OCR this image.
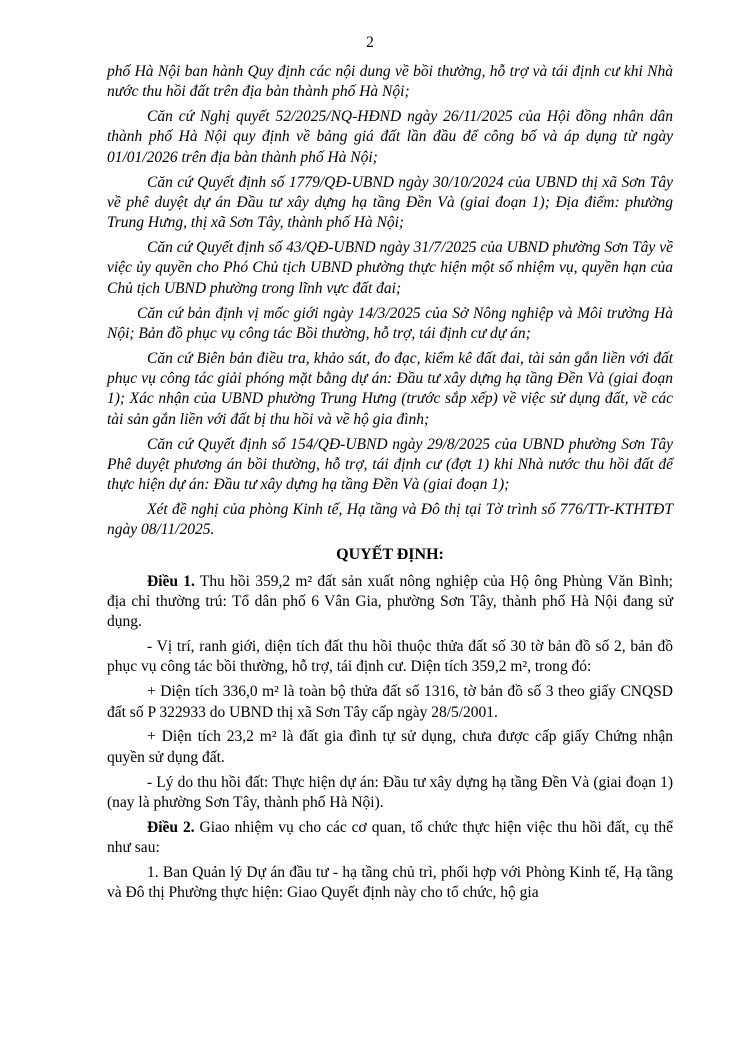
2

phố Hà Nội ban hành Quy định các nội dung về bồi thường, hỗ trợ và tái định cư khi Nhà nước thu hồi đất trên địa bàn thành phố Hà Nội;

Căn cứ Nghị quyết 52/2025/NQ-HĐND ngày 26/11/2025 của Hội đồng nhân dân thành phố Hà Nội quy định về bảng giá đất lần đầu để công bố và áp dụng từ ngày 01/01/2026 trên địa bàn thành phố Hà Nội;

Căn cứ Quyết định số 1779/QĐ-UBND ngày 30/10/2024 của UBND thị xã Sơn Tây về phê duyệt dự án Đầu tư xây dựng hạ tầng Đền Và (giai đoạn 1); Địa điểm: phường Trung Hưng, thị xã Sơn Tây, thành phố Hà Nội;

Căn cứ Quyết định số 43/QĐ-UBND ngày 31/7/2025 của UBND phường Sơn Tây về việc ủy quyền cho Phó Chủ tịch UBND phường thực hiện một số nhiệm vụ, quyền hạn của Chủ tịch UBND phường trong lĩnh vực đất đai;

Căn cứ bản định vị mốc giới ngày 14/3/2025 của Sở Nông nghiệp và Môi trường Hà Nội; Bản đồ phục vụ công tác Bồi thường, hỗ trợ, tái định cư dự án;

Căn cứ Biên bản điều tra, khảo sát, đo đạc, kiểm kê đất đai, tài sản gắn liền với đất phục vụ công tác giải phóng mặt bằng dự án: Đầu tư xây dựng hạ tầng Đền Và (giai đoạn 1); Xác nhận của UBND phường Trung Hưng (trước sắp xếp) về việc sử dụng đất, về các tài sản gắn liền với đất bị thu hồi và về hộ gia đình;

Căn cứ Quyết định số 154/QĐ-UBND ngày 29/8/2025 của UBND phường Sơn Tây Phê duyệt phương án bồi thường, hỗ trợ, tái định cư (đợt 1) khi Nhà nước thu hồi đất để thực hiện dự án: Đầu tư xây dựng hạ tầng Đền Và (giai đoạn 1);

Xét đề nghị của phòng Kinh tế, Hạ tầng và Đô thị tại Tờ trình số 776/TTr-KTHTĐT ngày 08/11/2025.

QUYẾT ĐỊNH:

Điều 1. Thu hồi 359,2 m² đất sản xuất nông nghiệp của Hộ ông Phùng Văn Bình; địa chỉ thường trú: Tổ dân phố 6 Vân Gia, phường Sơn Tây, thành phố Hà Nội đang sử dụng.

- Vị trí, ranh giới, diện tích đất thu hồi thuộc thửa đất số 30 tờ bản đồ số 2, bản đồ phục vụ công tác bồi thường, hỗ trợ, tái định cư. Diện tích 359,2 m², trong đó:

+ Diện tích 336,0 m² là toàn bộ thửa đất số 1316, tờ bản đồ số 3 theo giấy CNQSD đất số P 322933 do UBND thị xã Sơn Tây cấp ngày 28/5/2001.

+ Diện tích 23,2 m² là đất gia đình tự sử dụng, chưa được cấp giấy Chứng nhận quyền sử dụng đất.

- Lý do thu hồi đất: Thực hiện dự án: Đầu tư xây dựng hạ tầng Đền Và (giai đoạn 1) (nay là phường Sơn Tây, thành phố Hà Nội).

Điều 2. Giao nhiệm vụ cho các cơ quan, tổ chức thực hiện việc thu hồi đất, cụ thể như sau:

1. Ban Quản lý Dự án đầu tư - hạ tầng chủ trì, phối hợp với Phòng Kinh tế, Hạ tầng và Đô thị Phường thực hiện: Giao Quyết định này cho tổ chức, hộ gia
